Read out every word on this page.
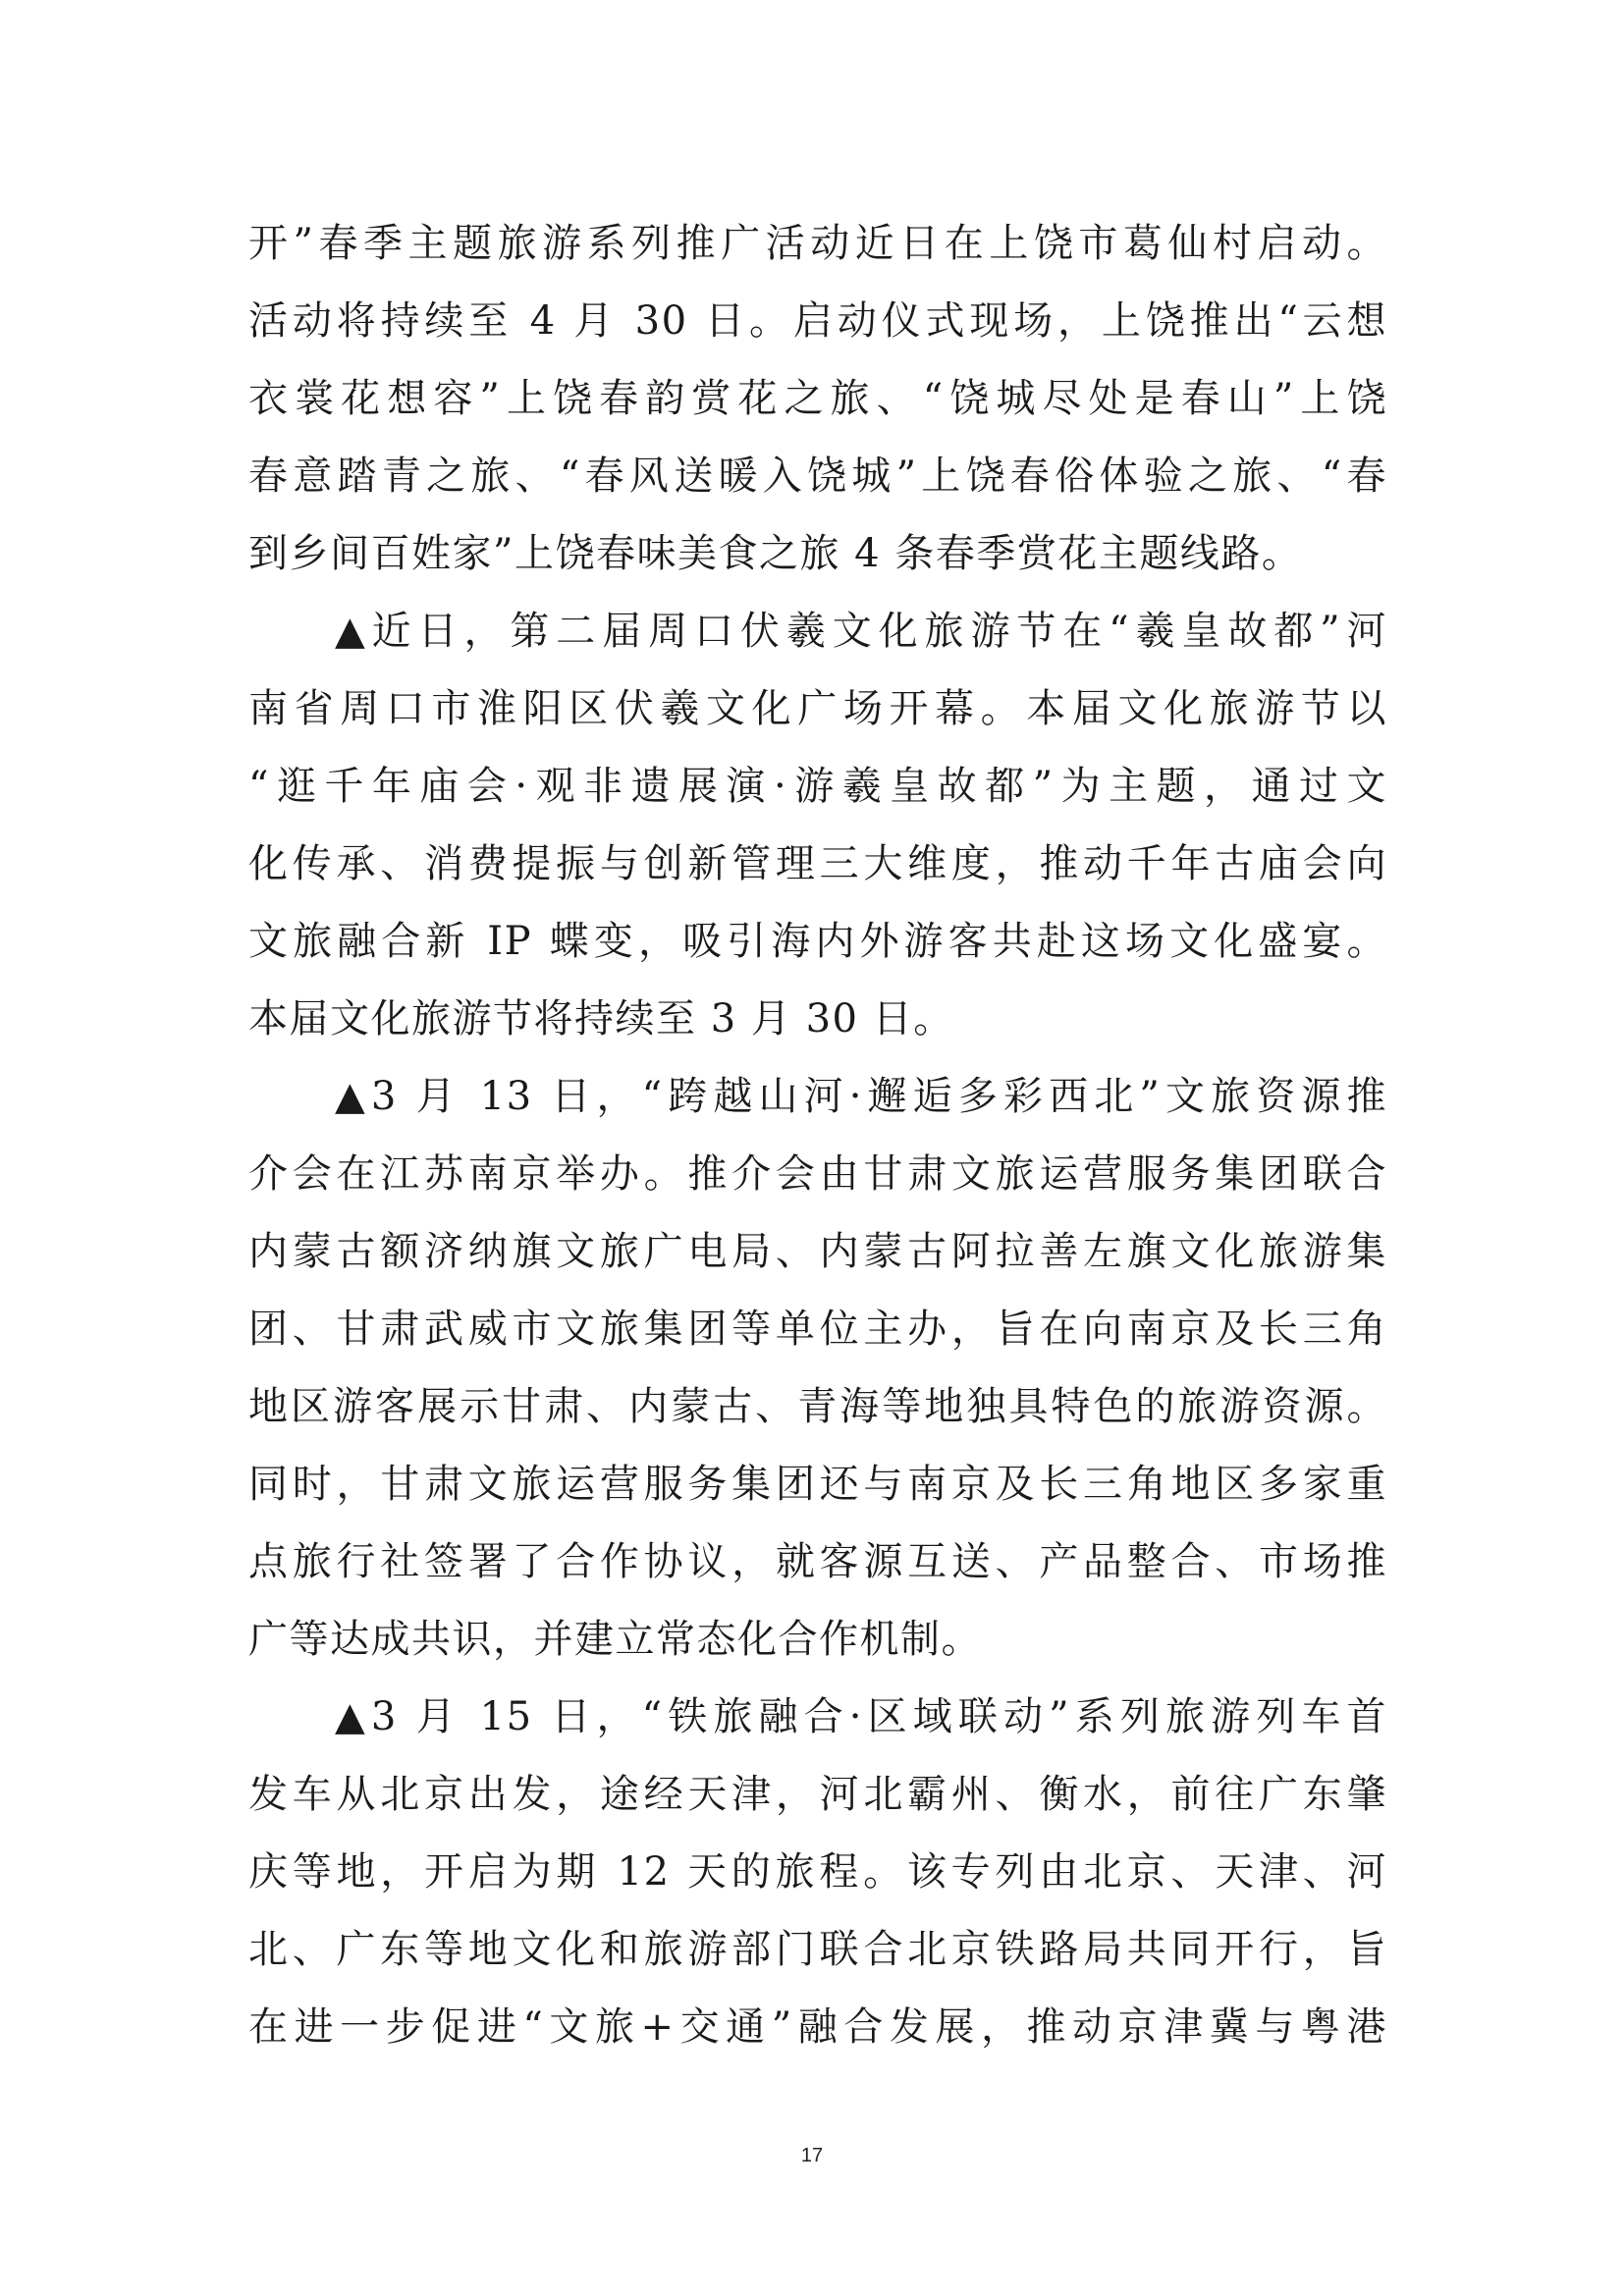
开”春季主题旅游系列推广活动近日在上饶市葛仙村启动。
活动将持续至 4 月 30 日。启动仪式现场，上饶推出“云想
衣裳花想容”上饶春韵赏花之旅、“饶城尽处是春山”上饶
春意踏青之旅、“春风送暖入饶城”上饶春俗体验之旅、“春
到乡间百姓家”上饶春味美食之旅 4 条春季赏花主题线路。
▲近日，第二届周口伏羲文化旅游节在“羲皇故都”河
南省周口市淮阳区伏羲文化广场开幕。本届文化旅游节以
“逛千年庙会·观非遗展演·游羲皇故都”为主题，通过文
化传承、消费提振与创新管理三大维度，推动千年古庙会向
文旅融合新 IP 蝶变，吸引海内外游客共赴这场文化盛宴。
本届文化旅游节将持续至 3 月 30 日。
▲3 月 13 日，“跨越山河·邂逅多彩西北”文旅资源推
介会在江苏南京举办。推介会由甘肃文旅运营服务集团联合
内蒙古额济纳旗文旅广电局、内蒙古阿拉善左旗文化旅游集
团、甘肃武威市文旅集团等单位主办，旨在向南京及长三角
地区游客展示甘肃、内蒙古、青海等地独具特色的旅游资源。
同时，甘肃文旅运营服务集团还与南京及长三角地区多家重
点旅行社签署了合作协议，就客源互送、产品整合、市场推
广等达成共识，并建立常态化合作机制。
▲3 月 15 日，“铁旅融合·区域联动”系列旅游列车首
发车从北京出发，途经天津，河北霸州、衡水，前往广东肇
庆等地，开启为期 12 天的旅程。该专列由北京、天津、河
北、广东等地文化和旅游部门联合北京铁路局共同开行，旨
在进一步促进“文旅+交通”融合发展，推动京津冀与粤港
17
